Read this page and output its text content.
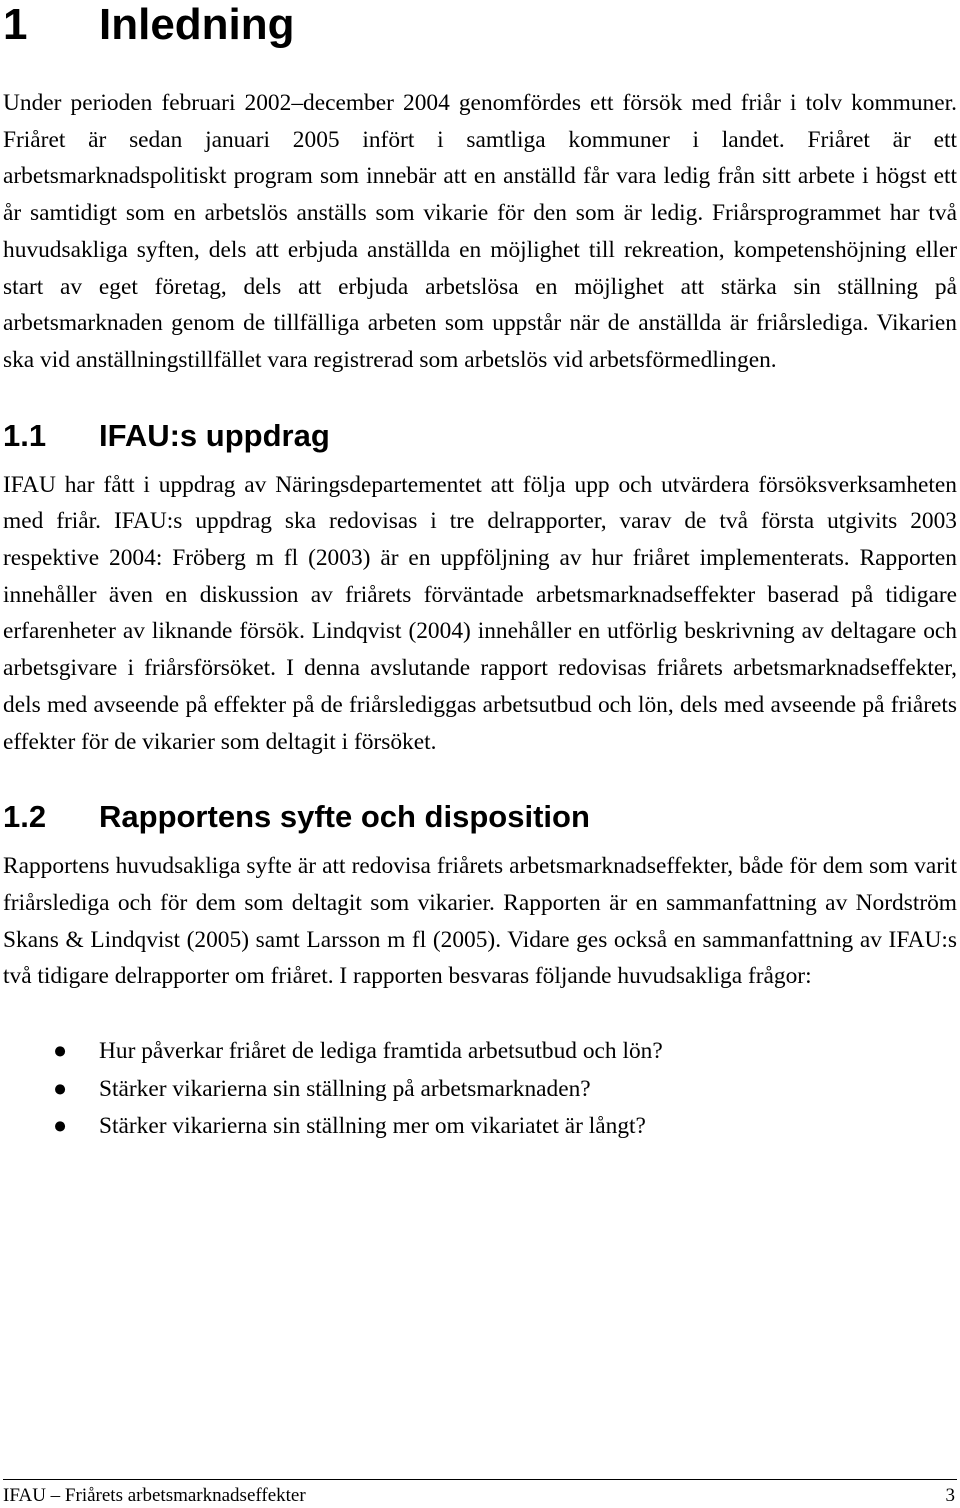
1 Inledning

Under perioden februari 2002–december 2004 genomfördes ett försök med friår i tolv kommuner. Friåret är sedan januari 2005 infört i samtliga kommuner i landet. Friåret är ett arbetsmarknadspolitiskt program som innebär att en anställd får vara ledig från sitt arbete i högst ett år samtidigt som en arbetslös anställs som vikarie för den som är ledig. Friårsprogrammet har två huvudsakliga syften, dels att erbjuda anställda en möjlighet till rekreation, kompetenshöjning eller start av eget företag, dels att erbjuda arbetslösa en möjlighet att stärka sin ställning på arbetsmarknaden genom de tillfälliga arbeten som uppstår när de anställda är friårslediga. Vikarien ska vid anställningstillfället vara registrerad som arbetslös vid arbetsförmedlingen.

1.1 IFAU:s uppdrag

IFAU har fått i uppdrag av Näringsdepartementet att följa upp och utvärdera försöksverksamheten med friår. IFAU:s uppdrag ska redovisas i tre delrapporter, varav de två första utgivits 2003 respektive 2004: Fröberg m fl (2003) är en uppföljning av hur friåret implementerats. Rapporten innehåller även en diskussion av friårets förväntade arbetsmarknadseffekter baserad på tidigare erfarenheter av liknande försök. Lindqvist (2004) innehåller en utförlig beskrivning av deltagare och arbetsgivare i friårsförsöket. I denna avslutande rapport redovisas friårets arbetsmarknadseffekter, dels med avseende på effekter på de friårslediggas arbetsutbud och lön, dels med avseende på friårets effekter för de vikarier som deltagit i försöket.

1.2 Rapportens syfte och disposition

Rapportens huvudsakliga syfte är att redovisa friårets arbetsmarknadseffekter, både för dem som varit friårslediga och för dem som deltagit som vikarier. Rapporten är en sammanfattning av Nordström Skans & Lindqvist (2005) samt Larsson m fl (2005). Vidare ges också en sammanfattning av IFAU:s två tidigare delrapporter om friåret. I rapporten besvaras följande huvudsakliga frågor:

● Hur påverkar friåret de lediga framtida arbetsutbud och lön?
● Stärker vikarierna sin ställning på arbetsmarknaden?
● Stärker vikarierna sin ställning mer om vikariatet är långt?
IFAU – Friårets arbetsmarknadseffekter	3
